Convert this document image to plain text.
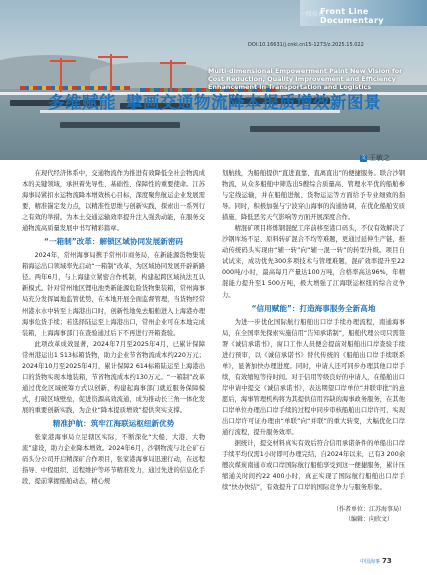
一线传真
Front Line Documentary
DOI:10.16631/j.cnki.cn15-1273/z.2025.15.022
Multi-dimensional Empowerment Paint New Vision for Cost Reduction, Quality Improvement and Efficiency Enhancement in Transportation and Logistics
多维赋能 擘画交通物流降本提质增效新图景
文 王敏之

在现代经济体系中，交通物流作为推进有效降低全社会物流成本的关键领域，承担着先导性、基础性、保障性的重要使命。江苏海事局紧扣水运物流降本增效核心目标，深度聚焦航运企业发展需要，精准锚定发力点，以精准性思维与创新实践，探索出一系列行之有效的举措。为本土交通运输效率提升注入强劲动能，在服务交通物流高质量发展中书写精彩篇章。

“一箱制”改革：解锁区域协同发展新密码

2024年，常州海事局携手常州市商务局，在新能源货物集装箱海运出口领域率先启动“一箱制”改革，为区域协同发展开辟新路径。两年6月，与上海建立紧密合作机制，构建起跨区域执法互认新模式。针对常州地区锂电池类新能源危险货物集装箱，常州海事局充分发挥属地监管优势，在本地开展全面监督管理，当货物经常州港水水中转至上海港出口时，创新性地免去船舶进入上海港办理海事危货手续；若选择陆运至上海港出口，常州企业可在本地完成装箱，上海海事部门在查验通过后下不再进行开箱查验。

此项改革成效显著，2024年7月至2025年4月，已累计保障常州港运出1 513标箱货物，助力企业节省物流成本约220万元；2024年10月至2025年4月，累计保障2 614标箱陆运至上海港出口的货物实现本地装箱，节省物流成本约130万元。“一箱制”改革通过优化区域统筹方式以创新，构建起海事部门就近服务保障模式，打破区域壁垒，促进资源高效流通，成为推动长三角一体化发展的重要创新实践，为企业“降本提质增效”提供突实支撑。

精准护航：筑牢江海联运枢纽新优势

张家港海事局立足辖区实际，不断深化“大船、大港、大物流”建设，助力企业降本增效。2024年6月，沙钢物流与北仑矿石码头分公司开启精深矿合作项目，张家港海事局迅速行动，在远程指导、中程组织、近程维护等环节精准发力，通过先进的信息化手段，提前掌握船舶动态，精心规

划航线，为船舶提供“直进直靠、直离直出”的便捷服务。联合沙钢物流，从众多船舶中筛选出5艘综合质量高、管理水平优的船舶参与定线运输，并在船舶进航、货物运运等方面给予专业细致的指导。同时，积极加强与宁波穿山海事的沟通协调，在优化船舶安质措施、降低恶劣天气影响等方面开展深度合作。

精混矿项目将炼钢混配工序前移至港口码头，不仅有效解决了沙钢库场不足、原料转矿混合不均等难题，更通过延伸生产链，推动传统码头实现由“辅一转”向“辅一混一转”的转型升级。项目自试试来，成功优先300多项技术与管理难题，混矿效率提升至22 000吨/小时，最高每月产量达100万吨，合格率高达96%，年精混能力提升至1 500万吨，极大增强了江海联运枢纽的综合竞争力。

“信用赋能”：打造海事服务全新高地

为进一步优化国际航行船舶出口岸手续办理流程，南通海事局，在全国率先探索实施信用“告知承诺制”，船舶代理公司只需签署《诚信承诺书》，窗口工作人员便会提前对船舶出口岸查验手续进行预审，以《诚信承诺书》替代传统的《船舶出口岸手续联系单》，显著加快办理进度。同时，申请人还可同步办理其他口岸手续，有效缩短等待时间。对于信用等级良好的申请人，在船舶出口岸申请中提交《诚信承诺书》，表达期望口岸单位“并联审批”的意愿后，海事管理机构将为其提供信用容缺的海事政务服务，在其他口岸单位办理出口岸手续的过程中同步审核船舶出口岸许可，实现出口岸许可证办理由“单联”向“并联”的重大转变，大幅优化口岸通行流程，提升服务效率。

据统计，提交材料真实有效后符合信用承诺条件的单船出口岸手续平均仅需1小时即可办理完结，自2024年以来，已有3 200余艘次煤炭南通市或口岸国际航行船舶享受到这一便捷服务，累计压缩通关时间约22 400小时，真正实现了国际航行船舶出口岸手续“快办快结”，有效提升了口岸的国际竞争力与服务形象。

（作者单位：江苏海事局）

（编辑：向欣文）

中国海事 73
